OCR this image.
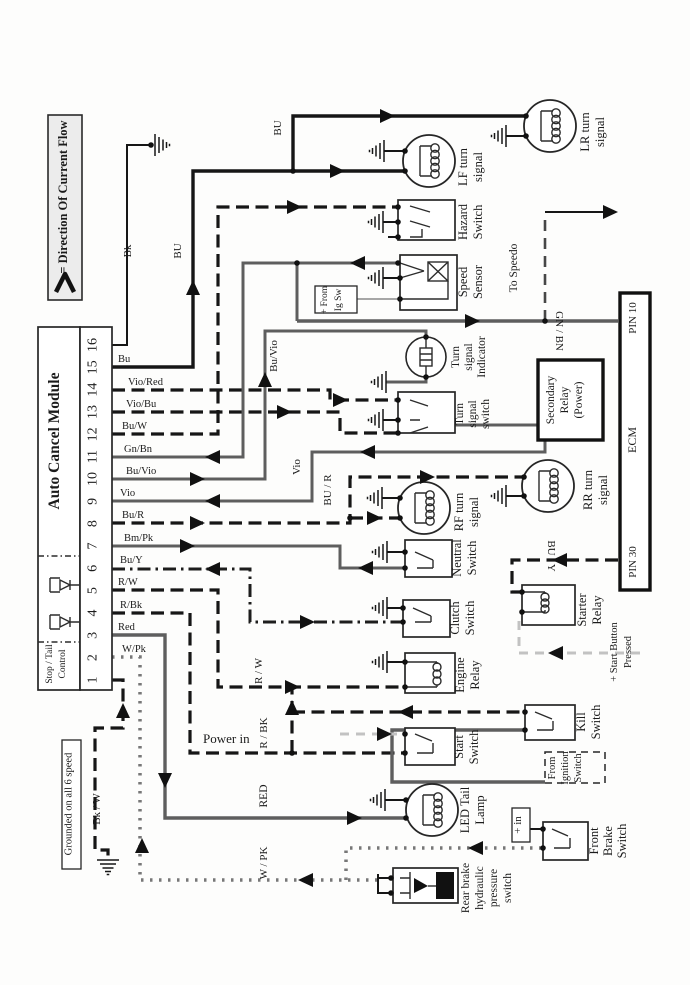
= Direction Of Current Flow
Auto Cancel Module
Stop / Tail Control
Grounded on all 6 speed
PIN 10
ECM
PIN 30
Secondary Relay (Power)
LF turn signal
LR turn signal
Hazard Switch
Speed Sensor
Turn signal Indicator
Turn signal switch
RF turn signal
RR turn signal
Neutral Switch
Clutch Switch
Engine Relay
Starter Relay
Kill Switch
Start Switch
From Ignition Switch
LED Tail Lamp
Front Brake Switch
Rear brake hydraulic pressure switch
+ From Ig Sw
+ in
+ Start Button Pressed
Bk	BU
BU
Bu/Vio
Vio
BU / R
GN / BN
BU / Y
R / W
R / BK
RED
W / PK
Bk / W
To Speedo
Power in
Bu
Vio/Red
Vio/Bu
Bu/W
Gn/Bn
Bu/Vio
Vio
Bu/R
Bm/Pk
Bu/Y
R/W
R/Bk
Red
W/Pk
1
2
3
4
5
6
7
8
9
10
11
12
13
14
15
16
